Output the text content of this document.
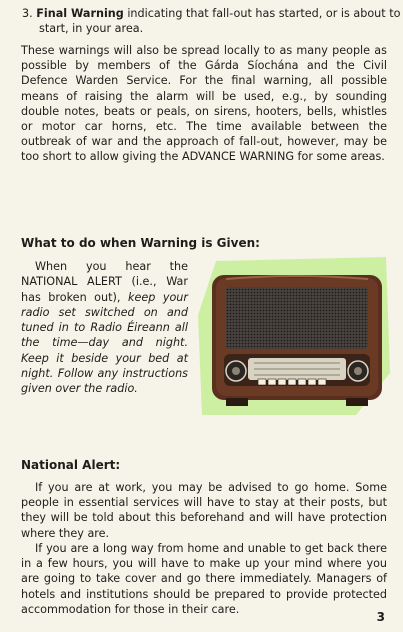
3. Final Warning indicating that fall-out has started, or is about to start, in your area.

These warnings will also be spread locally to as many people as possible by members of the Gárda Síochána and the Civil Defence Warden Service. For the final warning, all possible means of raising the alarm will be used, e.g., by sounding double notes, beats or peals, on sirens, hooters, bells, whistles or motor car horns, etc. The time available between the outbreak of war and the approach of fall-out, however, may be too short to allow giving the ADVANCE WARNING for some areas.

What to do when Warning is Given:

When you hear the NATIONAL ALERT (i.e., War has broken out), keep your radio set switched on and tuned in to Radio Éireann all the time—day and night. Keep it beside your bed at night. Follow any instructions given over the radio.

National Alert:

If you are at work, you may be advised to go home. Some people in essential services will have to stay at their posts, but they will be told about this beforehand and will have protection where they are.

If you are a long way from home and unable to get back there in a few hours, you will have to make up your mind where you are going to take cover and go there immediately. Managers of hotels and institutions should be prepared to provide protected accommodation for those in their care.

3
